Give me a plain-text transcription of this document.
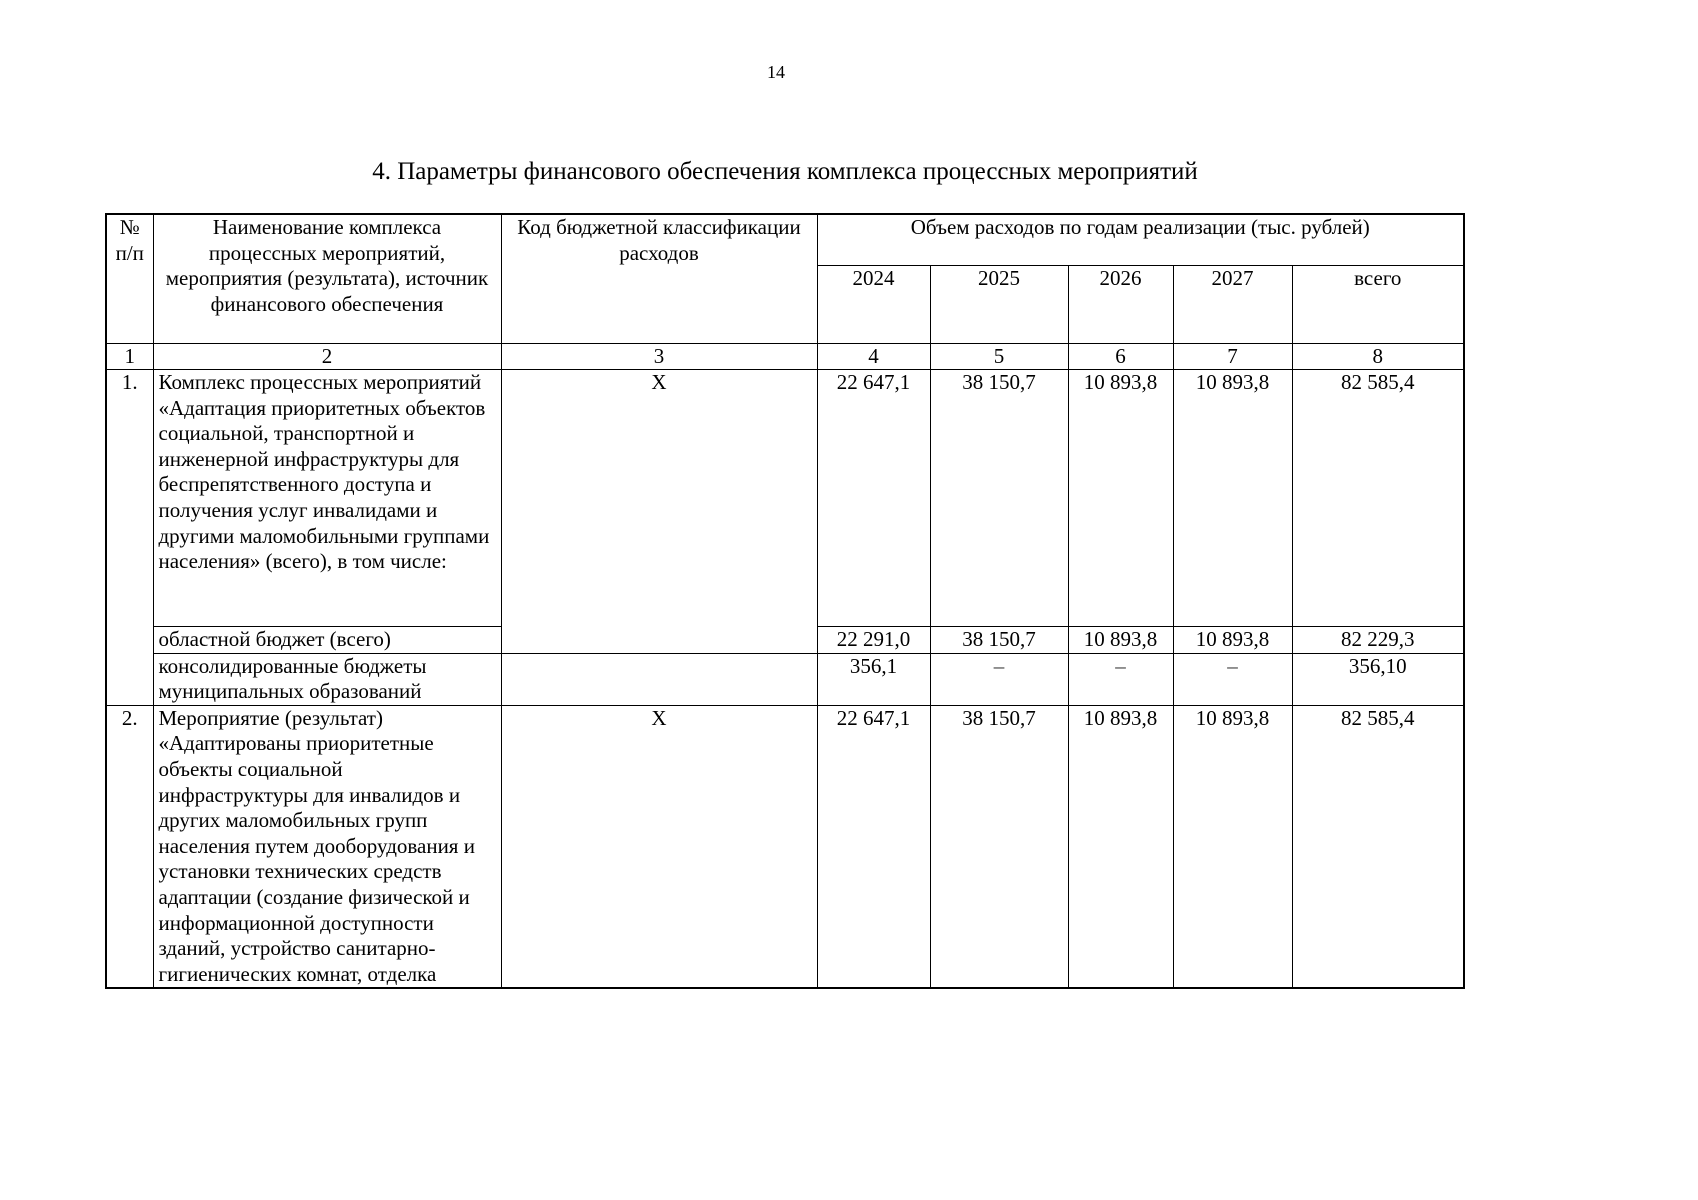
14
4. Параметры финансового обеспечения комплекса процессных мероприятий
№ п/п	Наименование комплекса процессных мероприятий, мероприятия (результата), источник финансового обеспечения	Код бюджетной классификации расходов	Объем расходов по годам реализации (тыс. рублей)				
			2024	2025	2026	2027	всего
1	2	3	4	5	6	7	8
1.	Комплекс процессных мероприятий «Адаптация приоритетных объектов социальной, транспортной и инженерной инфраструктуры для беспрепятственного доступа и получения услуг инвалидами и другими маломобильными группами населения» (всего), в том числе:	Х	22 647,1	38 150,7	10 893,8	10 893,8	82 585,4
	областной бюджет (всего)		22 291,0	38 150,7	10 893,8	10 893,8	82 229,3
	консолидированные бюджеты муниципальных образований		356,1	–	–	–	356,10
2.	Мероприятие (результат) «Адаптированы приоритетные объекты социальной инфраструктуры для инвалидов и других маломобильных групп населения путем дооборудования и установки технических средств адаптации (создание физической и информационной доступности зданий, устройство санитарно-гигиенических комнат, отделка	Х	22 647,1	38 150,7	10 893,8	10 893,8	82 585,4
